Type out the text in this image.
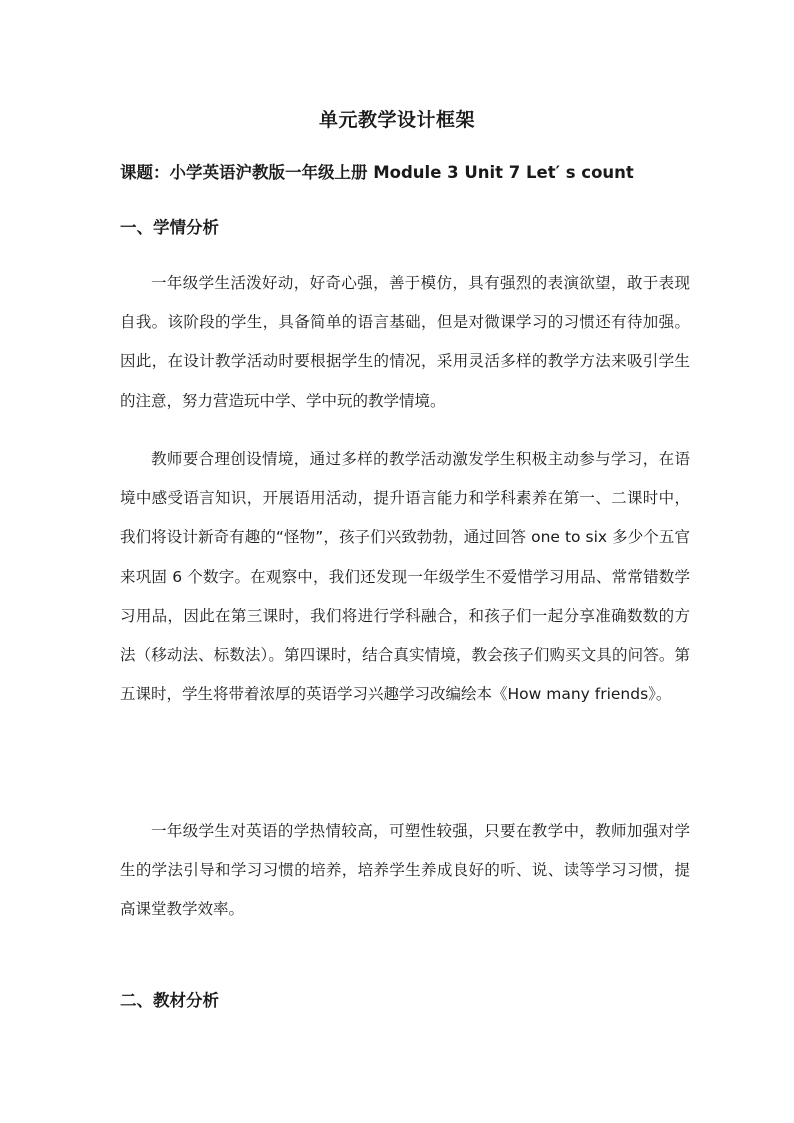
单元教学设计框架
课题：小学英语沪教版一年级上册 Module 3 Unit 7 Let′ s count
一、学情分析

一年级学生活泼好动，好奇心强，善于模仿，具有强烈的表演欲望，敢于表现自我。该阶段的学生，具备简单的语言基础，但是对微课学习的习惯还有待加强。因此，在设计教学活动时要根据学生的情况，采用灵活多样的教学方法来吸引学生的注意，努力营造玩中学、学中玩的教学情境。

教师要合理创设情境，通过多样的教学活动激发学生积极主动参与学习，在语境中感受语言知识，开展语用活动，提升语言能力和学科素养在第一、二课时中，我们将设计新奇有趣的“怪物”，孩子们兴致勃勃，通过回答 one to six 多少个五官来巩固 6 个数字。在观察中，我们还发现一年级学生不爱惜学习用品、常常错数学习用品，因此在第三课时，我们将进行学科融合，和孩子们一起分享准确数数的方法（移动法、标数法）。第四课时，结合真实情境，教会孩子们购买文具的问答。第五课时，学生将带着浓厚的英语学习兴趣学习改编绘本《How many friends》。

一年级学生对英语的学热情较高，可塑性较强，只要在教学中，教师加强对学生的学法引导和学习习惯的培养，培养学生养成良好的听、说、读等学习习惯，提高课堂教学效率。

二、教材分析
